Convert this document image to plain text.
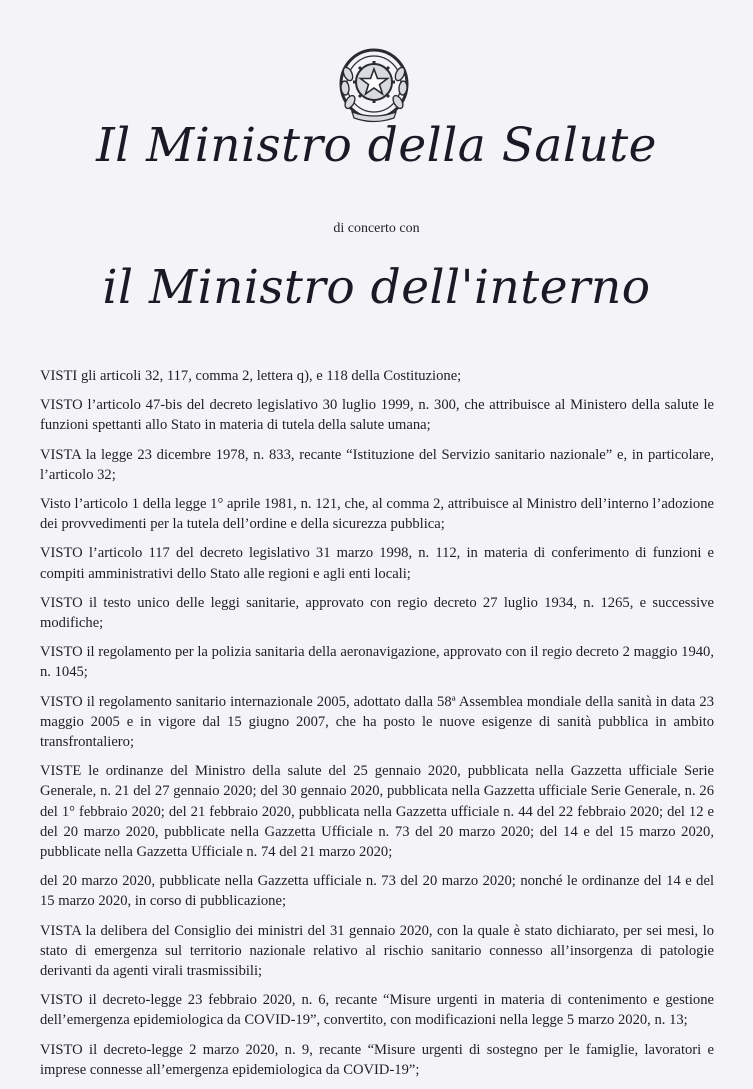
Il Ministro della Salute
di concerto con
il Ministro dell'interno

VISTI gli articoli 32, 117, comma 2, lettera q), e 118 della Costituzione;

VISTO l’articolo 47-bis del decreto legislativo 30 luglio 1999, n. 300, che attribuisce al Ministero della salute le funzioni spettanti allo Stato in materia di tutela della salute umana;

VISTA la legge 23 dicembre 1978, n. 833, recante “Istituzione del Servizio sanitario nazionale” e, in particolare, l’articolo 32;

Visto l’articolo 1 della legge 1° aprile 1981, n. 121, che, al comma 2, attribuisce al Ministro dell’interno l’adozione dei provvedimenti per la tutela dell’ordine e della sicurezza pubblica;

VISTO l’articolo 117 del decreto legislativo 31 marzo 1998, n. 112, in materia di conferimento di funzioni e compiti amministrativi dello Stato alle regioni e agli enti locali;

VISTO il testo unico delle leggi sanitarie, approvato con regio decreto 27 luglio 1934, n. 1265, e successive modifiche;

VISTO il regolamento per la polizia sanitaria della aeronavigazione, approvato con il regio decreto 2 maggio 1940, n. 1045;

VISTO il regolamento sanitario internazionale 2005, adottato dalla 58ª Assemblea mondiale della sanità in data 23 maggio 2005 e in vigore dal 15 giugno 2007, che ha posto le nuove esigenze di sanità pubblica in ambito transfrontaliero;

VISTE le ordinanze del Ministro della salute del 25 gennaio 2020, pubblicata nella Gazzetta ufficiale Serie Generale, n. 21 del 27 gennaio 2020; del 30 gennaio 2020, pubblicata nella Gazzetta ufficiale Serie Generale, n. 26 del 1° febbraio 2020; del 21 febbraio 2020, pubblicata nella Gazzetta ufficiale n. 44 del 22 febbraio 2020; del 12 e del 20 marzo 2020, pubblicate nella Gazzetta Ufficiale n. 73 del 20 marzo 2020; del 14 e del 15 marzo 2020, pubblicate nella Gazzetta Ufficiale n. 74 del 21 marzo 2020;

del 20 marzo 2020, pubblicate nella Gazzetta ufficiale n. 73 del 20 marzo 2020; nonché le ordinanze del 14 e del 15 marzo 2020, in corso di pubblicazione;

VISTA la delibera del Consiglio dei ministri del 31 gennaio 2020, con la quale è stato dichiarato, per sei mesi, lo stato di emergenza sul territorio nazionale relativo al rischio sanitario connesso all’insorgenza di patologie derivanti da agenti virali trasmissibili;

VISTO il decreto-legge 23 febbraio 2020, n. 6, recante “Misure urgenti in materia di contenimento e gestione dell’emergenza epidemiologica da COVID-19”, convertito, con modificazioni nella legge 5 marzo 2020, n. 13;

VISTO il decreto-legge 2 marzo 2020, n. 9, recante “Misure urgenti di sostegno per le famiglie, lavoratori e imprese connesse all’emergenza epidemiologica da COVID-19”;
